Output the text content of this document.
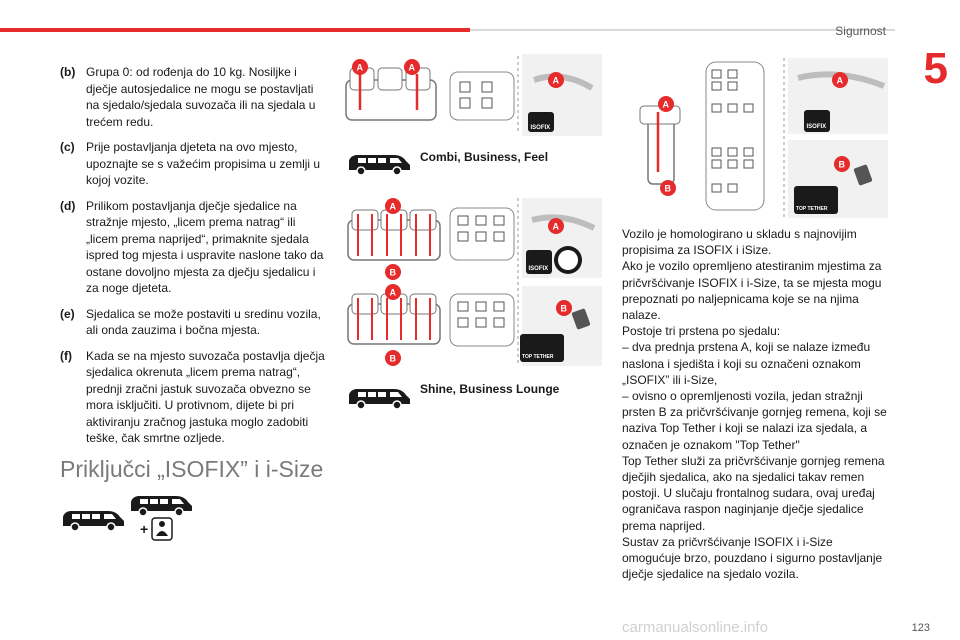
Sigurnost
5
(b) Grupa 0: od rođenja do 10 kg. Nosiljke i dječje autosjedalice ne mogu se postavljati na sjedalo/sjedala suvozača ili na sjedala u trećem redu.
(c) Prije postavljanja djeteta na ovo mjesto, upoznajte se s važećim propisima u zemlji u kojoj vozite.
(d) Prilikom postavljanja dječje sjedalice na stražnje mjesto, „licem prema natrag“ ili „licem prema naprijed“, primaknite sjedala ispred tog mjesta i uspravite naslone tako da ostane dovoljno mjesta za dječju sjedalicu i za noge djeteta.
(e) Sjedalica se može postaviti u sredinu vozila, ali onda zauzima i bočna mjesta.
(f)	Kada se na mjesto suvozača postavlja dječja sjedalica okrenuta „licem prema natrag“, prednji zračni jastuk suvozača obvezno se mora isključiti. U protivnom, dijete bi pri aktiviranju zračnog jastuka moglo zadobiti teške, čak smrtne ozljede.
Priključci „ISOFIX” i i-Size
+
A	A
A
ISOFIX
Combi, Business, Feel
A
B
A
B
A
ISOFIX
B
TOP TETHER
Shine, Business Lounge
A
B
A
ISOFIX
B
TOP TETHER

Vozilo je homologirano u skladu s najnovijim propisima za ISOFIX i iSize.

Ako je vozilo opremljeno atestiranim mjestima za pričvršćivanje ISOFIX i i-Size, ta se mjesta mogu prepoznati po naljepnicama koje se na njima nalaze.

Postoje tri prstena po sjedalu:

– dva prednja prstena A, koji se nalaze između naslona i sjedišta i koji su označeni oznakom „ISOFIX” ili i-Size,

– ovisno o opremljenosti vozila, jedan stražnji prsten B za pričvršćivanje gornjeg remena, koji se naziva Top Tether i koji se nalazi iza sjedala, a označen je oznakom "Top Tether"

Top Tether služi za pričvršćivanje gornjeg remena dječjih sjedalica, ako na sjedalici takav remen postoji. U slučaju frontalnog sudara, ovaj uređaj ograničava raspon naginjanje dječje sjedalice prema naprijed.

Sustav za pričvršćivanje ISOFIX i i-Size omogućuje brzo, pouzdano i sigurno postavljanje dječje sjedalice na sjedalo vozila.

carmanualsonline.info	123
